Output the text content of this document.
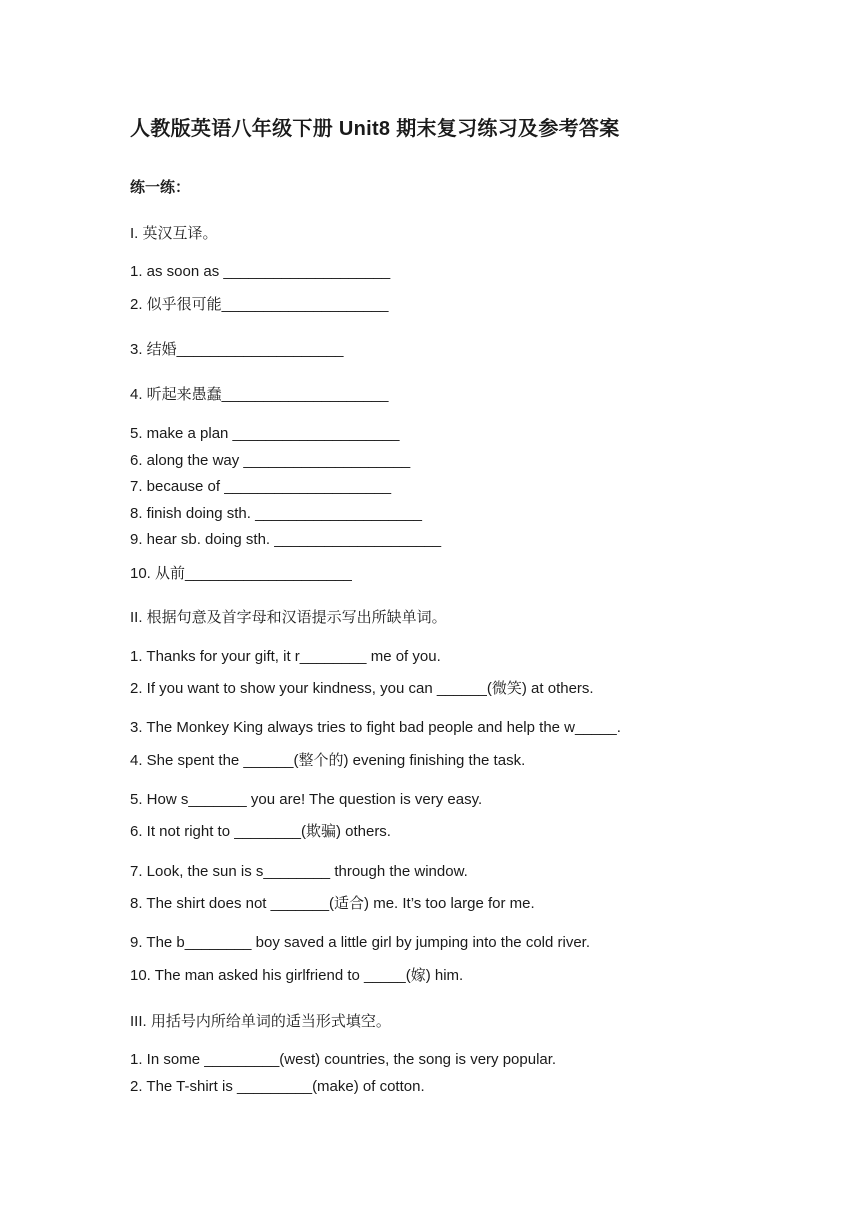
人教版英语八年级下册 Unit8 期末复习练习及参考答案
练一练：
I. 英汉互译。
1. as soon as ____________________
2. 似乎很可能____________________
3. 结婚____________________
4. 听起来愚蠢____________________
5. make a plan ____________________
6. along the way ____________________
7. because of ____________________
8. finish doing sth. ____________________
9. hear sb. doing sth. ____________________
10. 从前____________________
II. 根据句意及首字母和汉语提示写出所缺单词。
1. Thanks for your gift, it r________ me of you.
2. If you want to show your kindness, you can ______(微笑) at others.
3. The Monkey King always tries to fight bad people and help the w_____.
4. She spent the ______(整个的) evening finishing the task.
5. How s_______ you are! The question is very easy.
6. It not right to ________(欺骗) others.
7. Look, the sun is s________ through the window.
8. The shirt does not _______(适合) me. It’s too large for me.
9. The b________ boy saved a little girl by jumping into the cold river.
10. The man asked his girlfriend to _____(嫁) him.
III. 用括号内所给单词的适当形式填空。
1. In some _________(west) countries, the song is very popular.
2. The T-shirt is _________(make) of cotton.
